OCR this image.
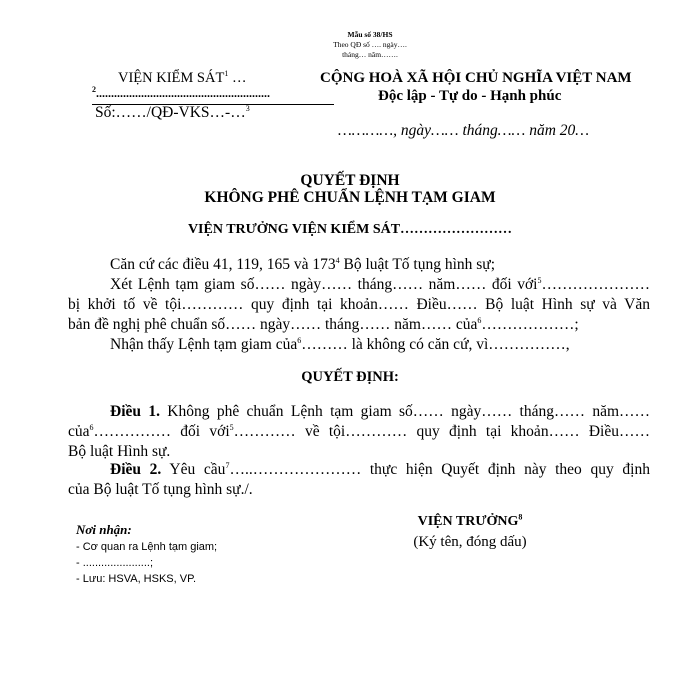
Mẫu số 38/HS
Theo QĐ số …. ngày….
tháng… năm…….
VIỆN KIỂM SÁT$^1$ …
$^2$..........................................................
Số:……/QĐ-VKS…-…$^3$
CỘNG HOÀ XÃ HỘI CHỦ NGHĨA VIỆT NAM
Độc lập - Tự do - Hạnh phúc
…………, ngày…… tháng…… năm 20…
QUYẾT ĐỊNH
KHÔNG PHÊ CHUẨN LỆNH TẠM GIAM
VIỆN TRƯỞNG VIỆN KIỂM SÁT……………………
Căn cứ các điều 41, 119, 165 và $173^4$ Bộ luật Tố tụng hình sự;
Xét Lệnh tạm giam số…… ngày…… tháng…… năm…… đối với$^5$…………………
bị khởi tố về tội………… quy định tại khoản…… Điều…… Bộ luật Hình sự và Văn
bản đề nghị phê chuẩn số…… ngày…… tháng…… năm…… của$^6$………………;
Nhận thấy Lệnh tạm giam của$^6$……… là không có căn cứ, vì……………,
QUYẾT ĐỊNH:
Điều 1. Không phê chuẩn Lệnh tạm giam số…… ngày…… tháng…… năm……
của$^6$…………… đối với$^5$………… về tội………… quy định tại khoản…… Điều……
Bộ luật Hình sự.
Điều 2. Yêu cầu$^7$…..………………… thực hiện Quyết định này theo quy định
của Bộ luật Tố tụng hình sự./.
Nơi nhận:
- Cơ quan ra Lệnh tạm giam;
- ......................;
- Lưu: HSVA, HSKS, VP.
VIỆN TRƯỞNG$^8$
(Ký tên, đóng dấu)
